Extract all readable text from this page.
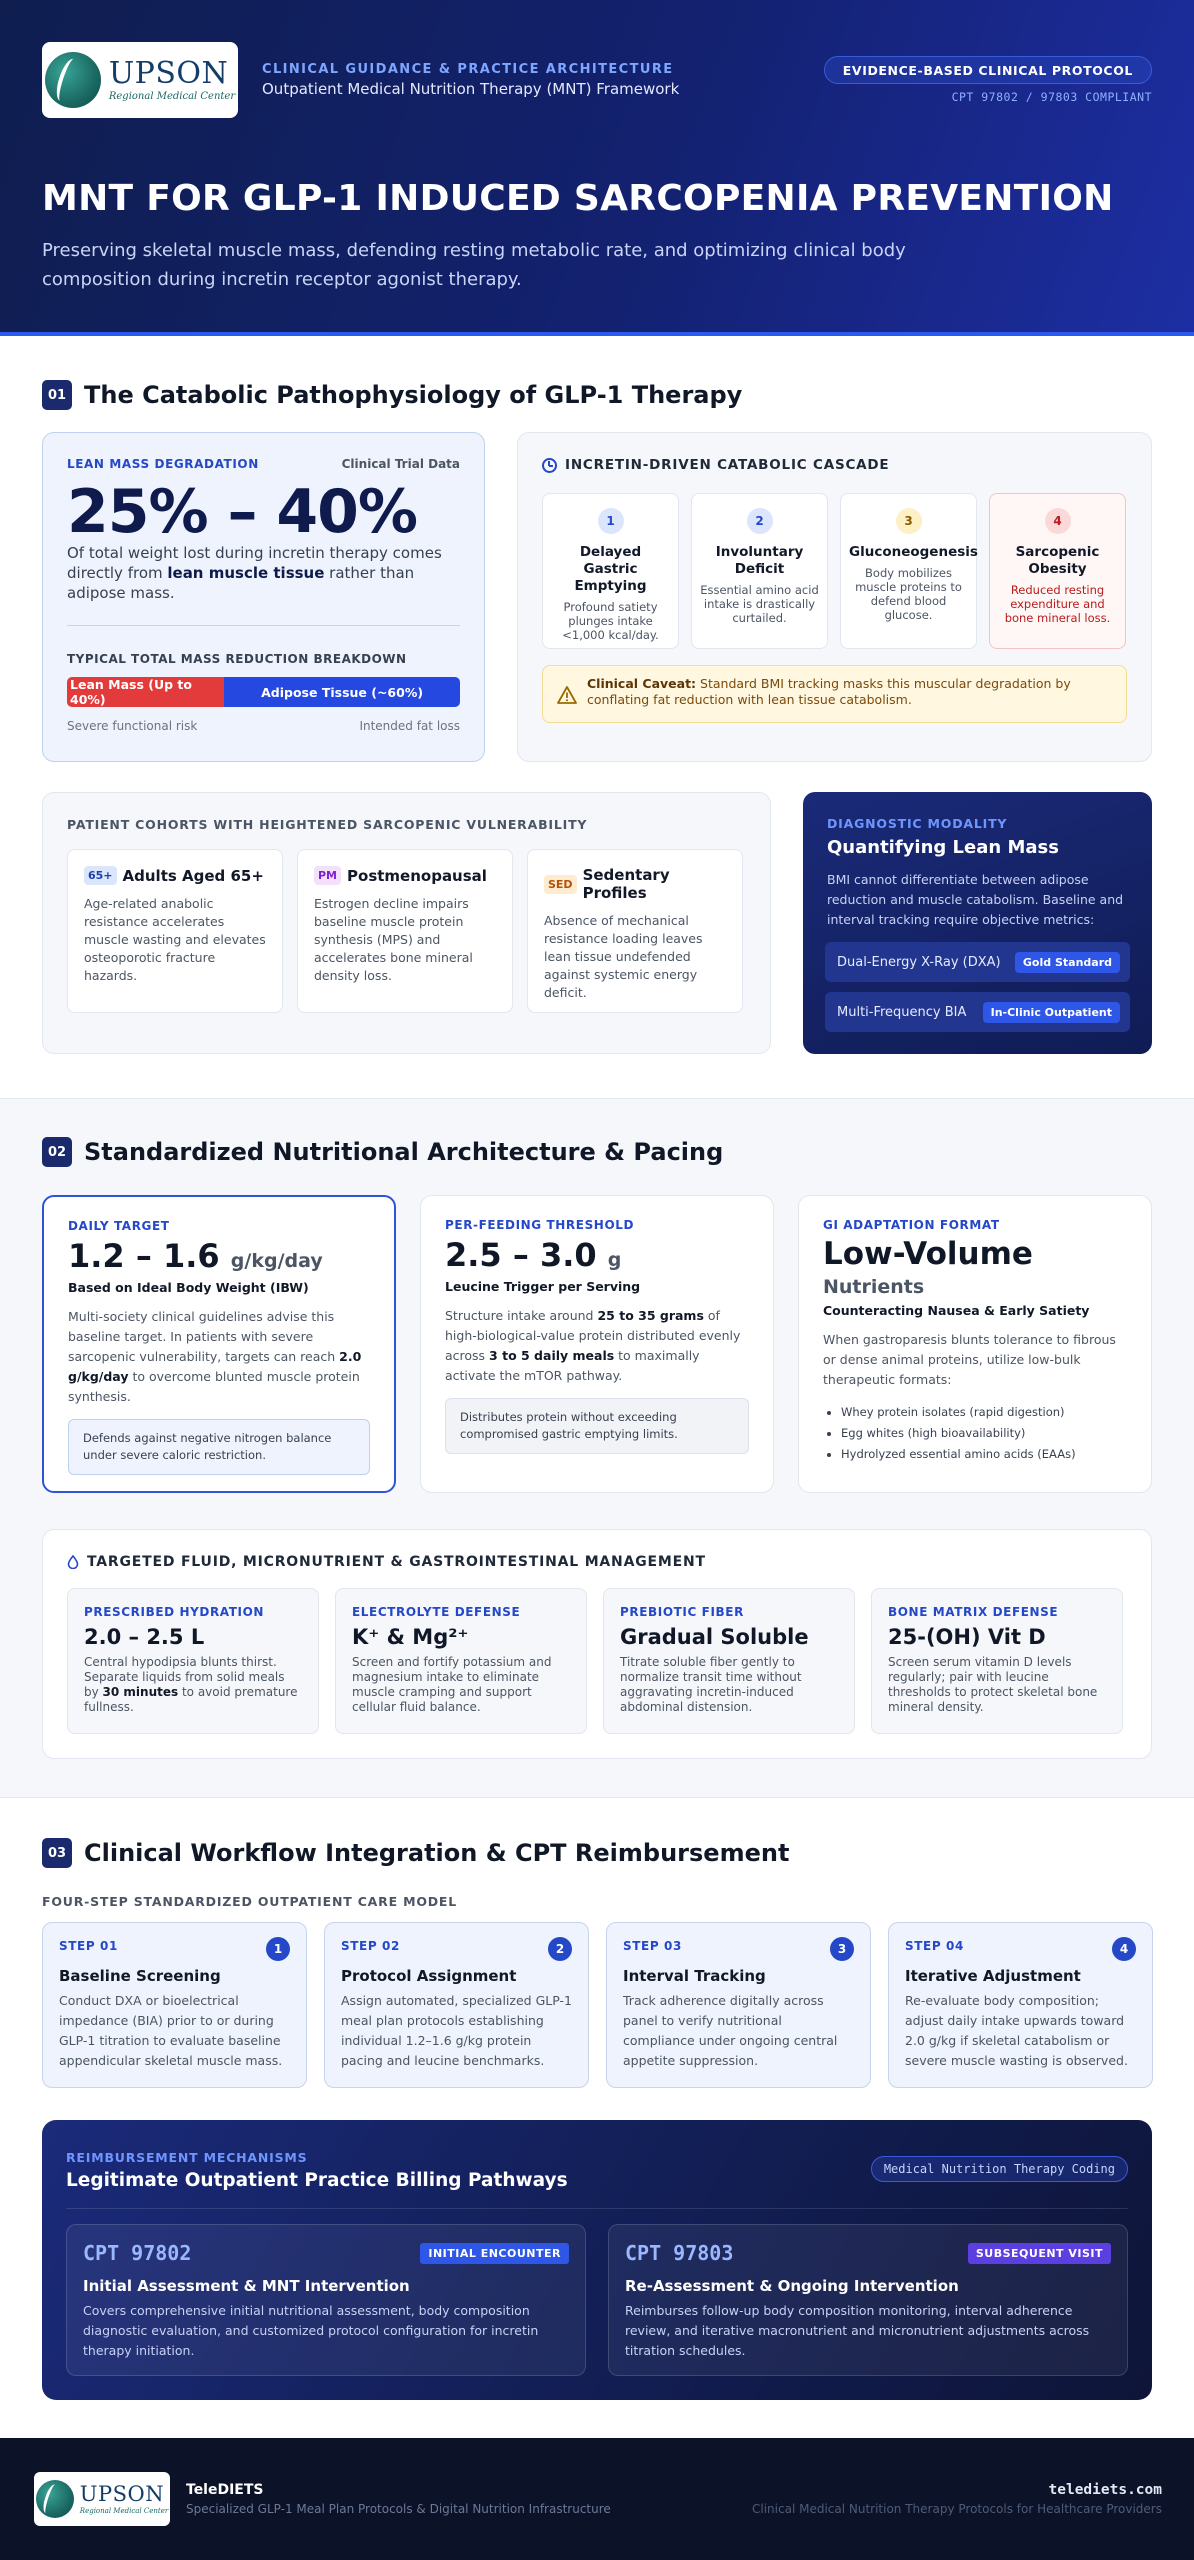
UPSON
Regional Medical Center
CLINICAL GUIDANCE & PRACTICE ARCHITECTURE
Outpatient Medical Nutrition Therapy (MNT) Framework
EVIDENCE-BASED CLINICAL PROTOCOL
CPT 97802 / 97803 COMPLIANT
MNT FOR GLP-1 INDUCED SARCOPENIA PREVENTION

Preserving skeletal muscle mass, defending resting metabolic rate, and optimizing clinical body composition during incretin receptor agonist therapy.

01 The Catabolic Pathophysiology of GLP-1 Therapy
LEAN MASS DEGRADATION	Clinical Trial Data
25% – 40%

Of total weight lost during incretin therapy comes directly from lean muscle tissue rather than adipose mass.

TYPICAL TOTAL MASS REDUCTION BREAKDOWN
Lean Mass (Up to 40%)	Adipose Tissue (~60%)
Severe functional risk	Intended fat loss
INCRETIN-DRIVEN CATABOLIC CASCADE
1
Delayed Gastric Emptying
Profound satiety plunges intake <1,000 kcal/day.
2
Involuntary Deficit
Essential amino acid intake is drastically curtailed.
3
Gluconeogenesis
Body mobilizes muscle proteins to defend blood glucose.
4
Sarcopenic Obesity
Reduced resting expenditure and bone mineral loss.
Clinical Caveat: Standard BMI tracking masks this muscular degradation by conflating fat reduction with lean tissue catabolism.
PATIENT COHORTS WITH HEIGHTENED SARCOPENIC VULNERABILITY
65+ Adults Aged 65+

Age-related anabolic resistance accelerates muscle wasting and elevates osteoporotic fracture hazards.

PM Postmenopausal

Estrogen decline impairs baseline muscle protein synthesis (MPS) and accelerates bone mineral density loss.

SED Sedentary Profiles

Absence of mechanical resistance loading leaves lean tissue undefended against systemic energy deficit.

DIAGNOSTIC MODALITY
Quantifying Lean Mass

BMI cannot differentiate between adipose reduction and muscle catabolism. Baseline and interval tracking require objective metrics:

Dual-Energy X-Ray (DXA)	Gold Standard
Multi-Frequency BIA	In-Clinic Outpatient
02 Standardized Nutritional Architecture & Pacing
DAILY TARGET
1.2 – 1.6 g/kg/day
Based on Ideal Body Weight (IBW)

Multi-society clinical guidelines advise this baseline target. In patients with severe sarcopenic vulnerability, targets can reach 2.0 g/kg/day to overcome blunted muscle protein synthesis.

Defends against negative nitrogen balance under severe caloric restriction.
PER-FEEDING THRESHOLD
2.5 – 3.0 g
Leucine Trigger per Serving

Structure intake around 25 to 35 grams of high-biological-value protein distributed evenly across 3 to 5 daily meals to maximally activate the mTOR pathway.

Distributes protein without exceeding compromised gastric emptying limits.
GI ADAPTATION FORMAT
Low-Volume
Nutrients
Counteracting Nausea & Early Satiety

When gastroparesis blunts tolerance to fibrous or dense animal proteins, utilize low-bulk therapeutic formats:

• Whey protein isolates (rapid digestion)
• Egg whites (high bioavailability)
• Hydrolyzed essential amino acids (EAAs)
TARGETED FLUID, MICRONUTRIENT & GASTROINTESTINAL MANAGEMENT
PRESCRIBED HYDRATION
2.0 – 2.5 L

Central hypodipsia blunts thirst. Separate liquids from solid meals by 30 minutes to avoid premature fullness.

ELECTROLYTE DEFENSE
K⁺ & Mg²⁺

Screen and fortify potassium and magnesium intake to eliminate muscle cramping and support cellular fluid balance.

PREBIOTIC FIBER
Gradual Soluble

Titrate soluble fiber gently to normalize transit time without aggravating incretin-induced abdominal distension.

BONE MATRIX DEFENSE
25-(OH) Vit D

Screen serum vitamin D levels regularly; pair with leucine thresholds to protect skeletal bone mineral density.

03 Clinical Workflow Integration & CPT Reimbursement
FOUR-STEP STANDARDIZED OUTPATIENT CARE MODEL
STEP 01	1
Baseline Screening

Conduct DXA or bioelectrical impedance (BIA) prior to or during GLP-1 titration to evaluate baseline appendicular skeletal muscle mass.

STEP 02	2
Protocol Assignment

Assign automated, specialized GLP-1 meal plan protocols establishing individual 1.2–1.6 g/kg protein pacing and leucine benchmarks.

STEP 03	3
Interval Tracking

Track adherence digitally across panel to verify nutritional compliance under ongoing central appetite suppression.

STEP 04	4
Iterative Adjustment

Re-evaluate body composition; adjust daily intake upwards toward 2.0 g/kg if skeletal catabolism or severe muscle wasting is observed.

REIMBURSEMENT MECHANISMS
Legitimate Outpatient Practice Billing Pathways
Medical Nutrition Therapy Coding
CPT 97802	INITIAL ENCOUNTER
Initial Assessment & MNT Intervention

Covers comprehensive initial nutritional assessment, body composition diagnostic evaluation, and customized protocol configuration for incretin therapy initiation.

CPT 97803	SUBSEQUENT VISIT
Re-Assessment & Ongoing Intervention

Reimburses follow-up body composition monitoring, interval adherence review, and iterative macronutrient and micronutrient adjustments across titration schedules.

UPSON
Regional Medical Center
TeleDIETS
Specialized GLP-1 Meal Plan Protocols & Digital Nutrition Infrastructure
telediets.com
Clinical Medical Nutrition Therapy Protocols for Healthcare Providers
